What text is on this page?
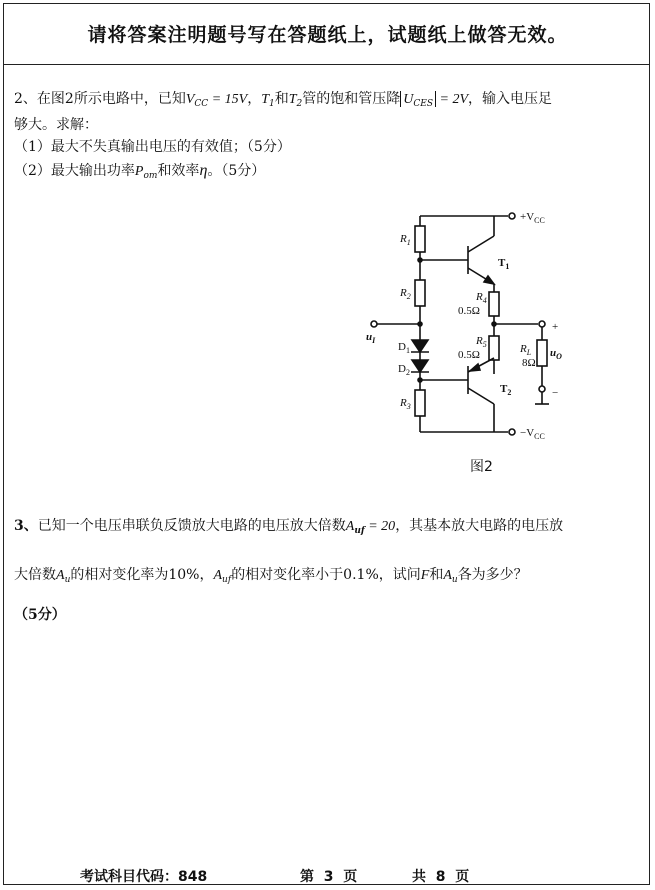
请将答案注明题号写在答题纸上，试题纸上做答无效。
2、在图2所示电路中，已知$V_{CC} = 15V$，$T_1$和$T_2$管的饱和管压降 $U_{CES} = 2V$，输入电压足
够大。求解：
（1）最大不失真输出电压的有效值；（5分）
（2）最大输出功率$P_{om}$和效率η。（5分）
$+V_{CC}$
$-V_{CC}$
$R_1$
$R_2$
$R_3$
$R_4$
0.5Ω
$R_5$
0.5Ω	$R_L$
8Ω
$D_1$
$D_2$
$T_1$
$T_2$
$u_I$
$u_O$
+
−
图2
3、已知一个电压串联负反馈放大电路的电压放大倍数$A_{uf} = 20$，其基本放大电路的电压放
大倍数$A_u$的相对变化率为10%，$A_{uf}$的相对变化率小于0.1%，试问F和$A_u$各为多少？
（5分）
考试科目代码：848	第 3 页	共 8 页
